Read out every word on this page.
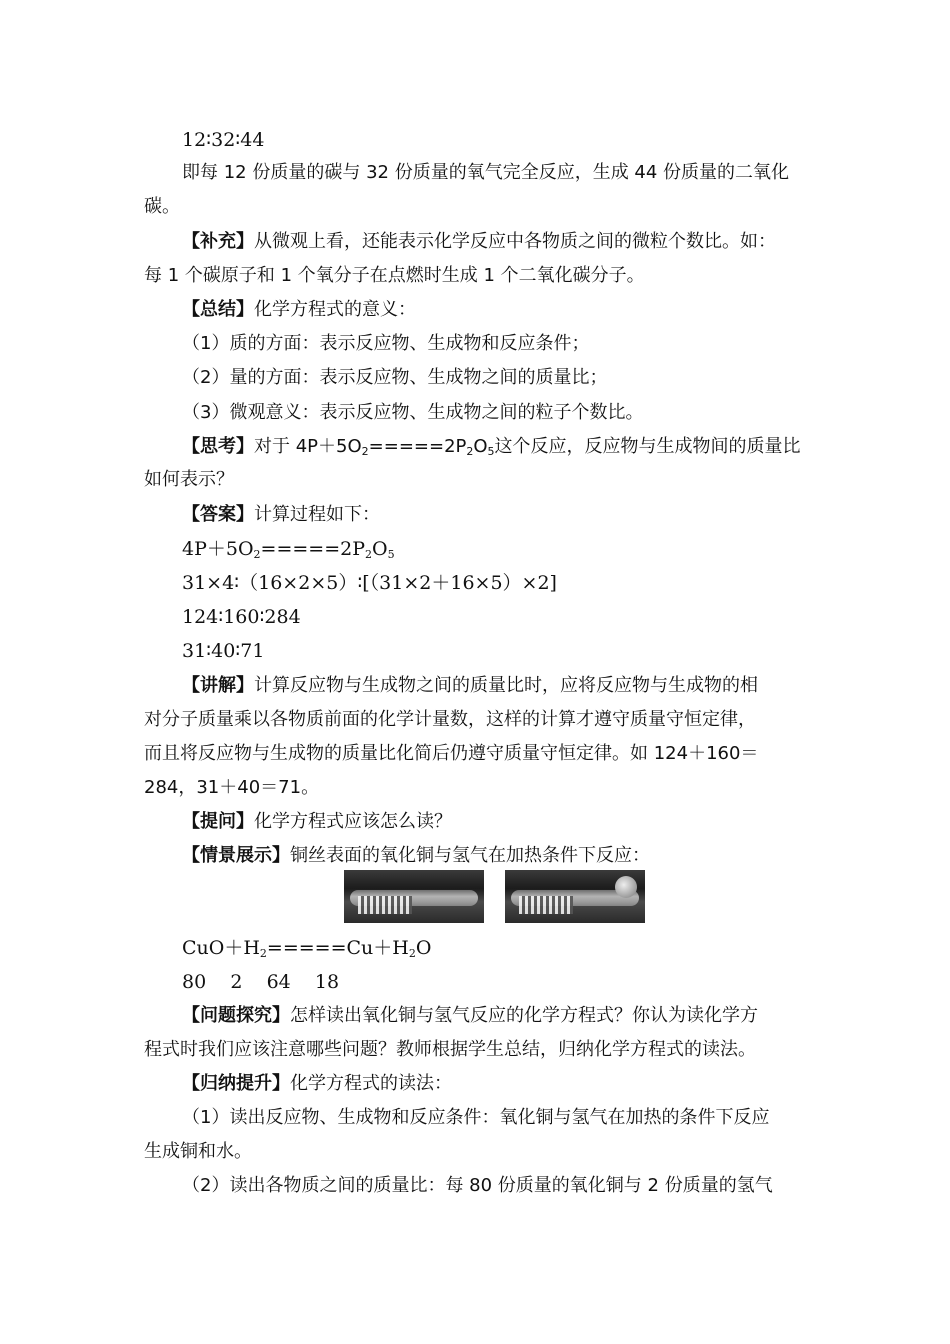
12∶32∶44
即每 12 份质量的碳与 32 份质量的氧气完全反应，生成 44 份质量的二氧化
碳。
【补充】从微观上看，还能表示化学反应中各物质之间的微粒个数比。如：
每 1 个碳原子和 1 个氧分子在点燃时生成 1 个二氧化碳分子。
【总结】化学方程式的意义：
（1）质的方面：表示反应物、生成物和反应条件；
（2）量的方面：表示反应物、生成物之间的质量比；
（3）微观意义：表示反应物、生成物之间的粒子个数比。
【思考】对于 $4P+5O_2=====2P_2O_5$这个反应，反应物与生成物间的质量比
如何表示？
【答案】计算过程如下：
$4P+5O_2=====2P_2O_5$
31×4∶（16×2×5）∶[（31×2＋16×5）×2]
124∶160∶284
31∶40∶71
【讲解】计算反应物与生成物之间的质量比时，应将反应物与生成物的相
对分子质量乘以各物质前面的化学计量数，这样的计算才遵守质量守恒定律，
而且将反应物与生成物的质量比化简后仍遵守质量守恒定律。如 124＋160＝
284，31＋40＝71。
【提问】化学方程式应该怎么读？
【情景展示】铜丝表面的氧化铜与氢气在加热条件下反应：
$CuO+H_2=====Cu+H_2O$
80    2    64    18
【问题探究】怎样读出氧化铜与氢气反应的化学方程式？你认为读化学方
程式时我们应该注意哪些问题？教师根据学生总结，归纳化学方程式的读法。
【归纳提升】化学方程式的读法：
（1）读出反应物、生成物和反应条件：氧化铜与氢气在加热的条件下反应
生成铜和水。
（2）读出各物质之间的质量比：每 80 份质量的氧化铜与 2 份质量的氢气
